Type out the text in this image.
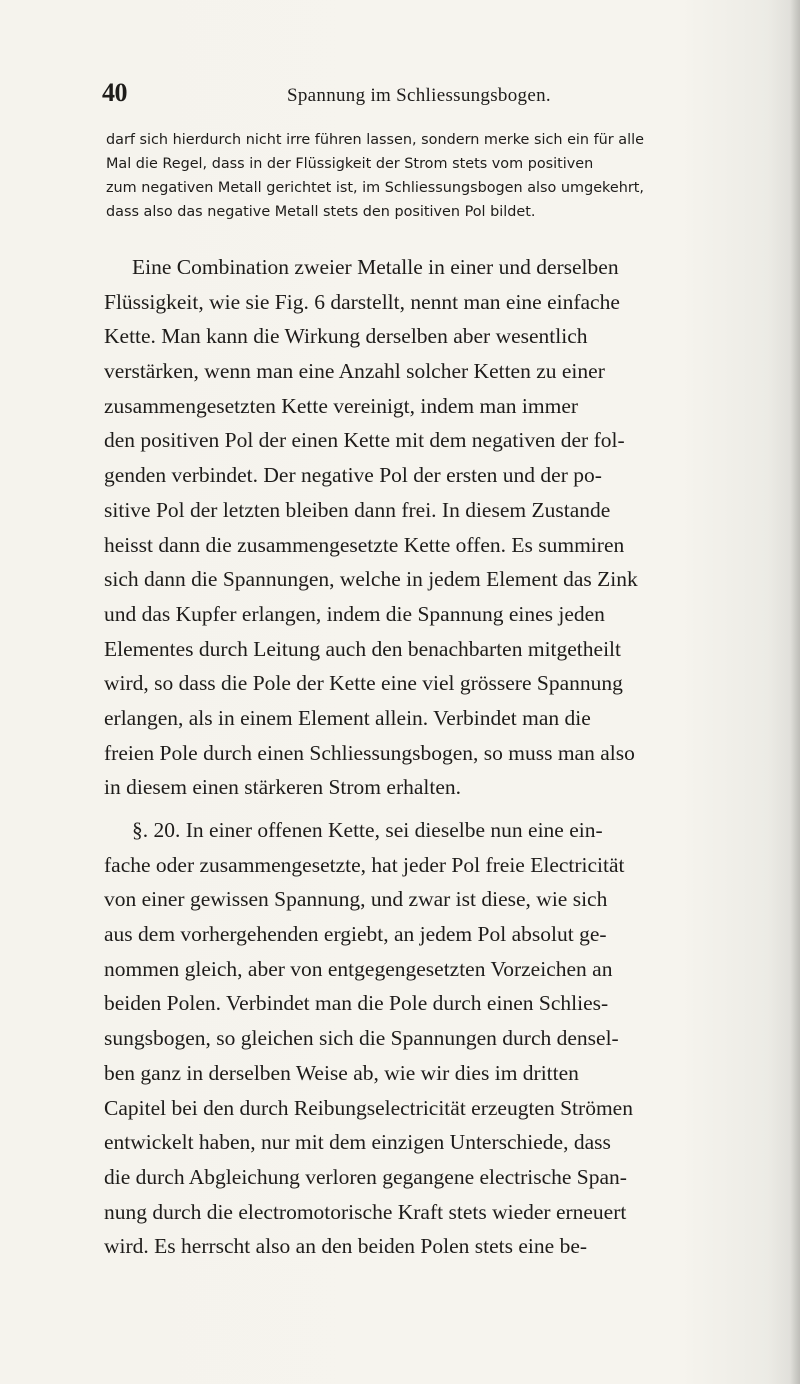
40	Spannung im Schliessungsbogen.
darf sich hierdurch nicht irre führen lassen, sondern merke sich ein für alle
Mal die Regel, dass in der Flüssigkeit der Strom stets vom positiven
zum negativen Metall gerichtet ist, im Schliessungsbogen also umgekehrt,
dass also das negative Metall stets den positiven Pol bildet.
Eine Combination zweier Metalle in einer und derselben
Flüssigkeit, wie sie Fig. 6 darstellt, nennt man eine einfache
Kette. Man kann die Wirkung derselben aber wesentlich
verstärken, wenn man eine Anzahl solcher Ketten zu einer
zusammengesetzten Kette vereinigt, indem man immer
den positiven Pol der einen Kette mit dem negativen der fol-
genden verbindet. Der negative Pol der ersten und der po-
sitive Pol der letzten bleiben dann frei. In diesem Zustande
heisst dann die zusammengesetzte Kette offen. Es summiren
sich dann die Spannungen, welche in jedem Element das Zink
und das Kupfer erlangen, indem die Spannung eines jeden
Elementes durch Leitung auch den benachbarten mitgetheilt
wird, so dass die Pole der Kette eine viel grössere Spannung
erlangen, als in einem Element allein. Verbindet man die
freien Pole durch einen Schliessungsbogen, so muss man also
in diesem einen stärkeren Strom erhalten.
§. 20. In einer offenen Kette, sei dieselbe nun eine ein-
fache oder zusammengesetzte, hat jeder Pol freie Electricität
von einer gewissen Spannung, und zwar ist diese, wie sich
aus dem vorhergehenden ergiebt, an jedem Pol absolut ge-
nommen gleich, aber von entgegengesetzten Vorzeichen an
beiden Polen. Verbindet man die Pole durch einen Schlies-
sungsbogen, so gleichen sich die Spannungen durch densel-
ben ganz in derselben Weise ab, wie wir dies im dritten
Capitel bei den durch Reibungselectricität erzeugten Strömen
entwickelt haben, nur mit dem einzigen Unterschiede, dass
die durch Abgleichung verloren gegangene electrische Span-
nung durch die electromotorische Kraft stets wieder erneuert
wird. Es herrscht also an den beiden Polen stets eine be-
